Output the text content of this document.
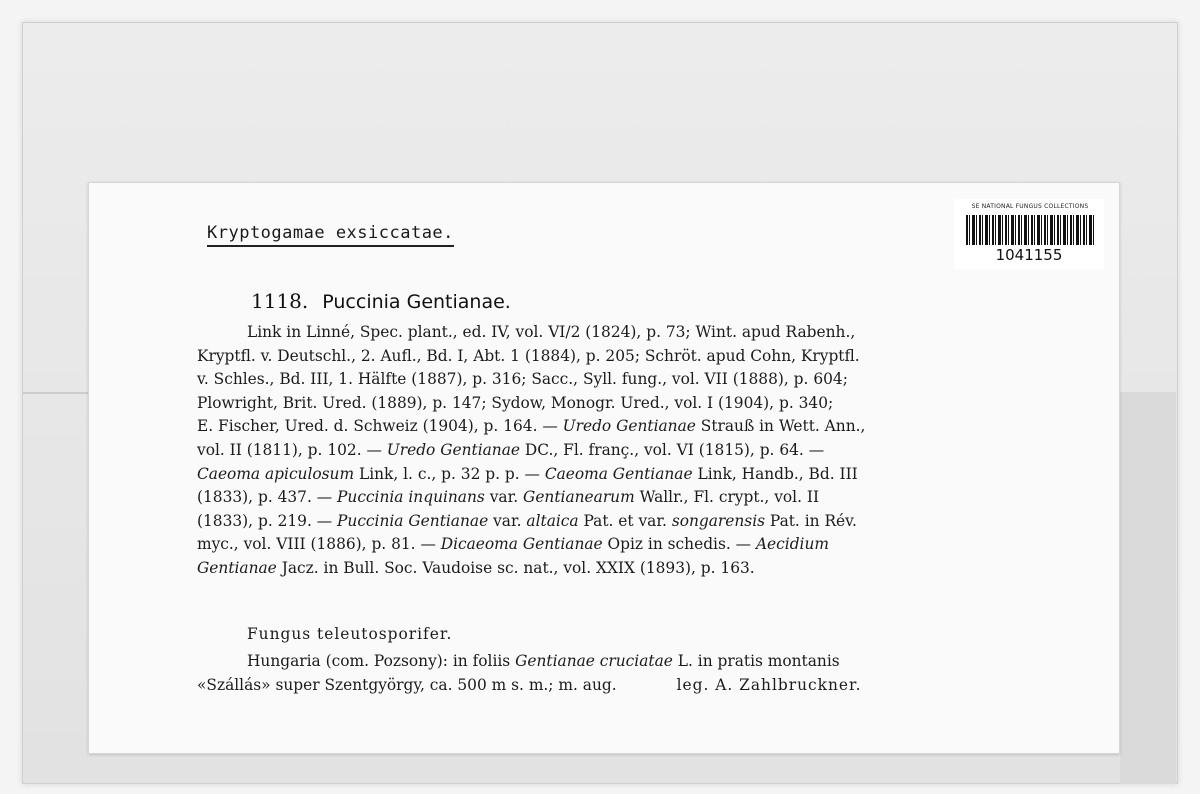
Kryptogamae exsiccatae.
SE NATIONAL FUNGUS COLLECTIONS
1041155
1118. Puccinia Gentianae.
Link in Linné, Spec. plant., ed. IV, vol. VI/2 (1824), p. 73; Wint. apud Rabenh.,
Kryptfl. v. Deutschl., 2. Aufl., Bd. I, Abt. 1 (1884), p. 205; Schröt. apud Cohn, Kryptfl.
v. Schles., Bd. III, 1. Hälfte (1887), p. 316; Sacc., Syll. fung., vol. VII (1888), p. 604;
Plowright, Brit. Ured. (1889), p. 147; Sydow, Monogr. Ured., vol. I (1904), p. 340;
E. Fischer, Ured. d. Schweiz (1904), p. 164. — Uredo Gentianae Strauß in Wett. Ann.,
vol. II (1811), p. 102. — Uredo Gentianae DC., Fl. franç., vol. VI (1815), p. 64. —
Caeoma apiculosum Link, l. c., p. 32 p. p. — Caeoma Gentianae Link, Handb., Bd. III
(1833), p. 437. — Puccinia inquinans var. Gentianearum Wallr., Fl. crypt., vol. II
(1833), p. 219. — Puccinia Gentianae var. altaica Pat. et var. songarensis Pat. in Rév.
myc., vol. VIII (1886), p. 81. — Dicaeoma Gentianae Opiz in schedis. — Aecidium
Gentianae Jacz. in Bull. Soc. Vaudoise sc. nat., vol. XXIX (1893), p. 163.
Fungus teleutosporifer.
Hungaria (com. Pozsony): in foliis Gentianae cruciatae L. in pratis montanis
«Szállás» super Szentgyörgy, ca. 500 m s. m.; m. aug.	leg. A. Zahlbruckner.
